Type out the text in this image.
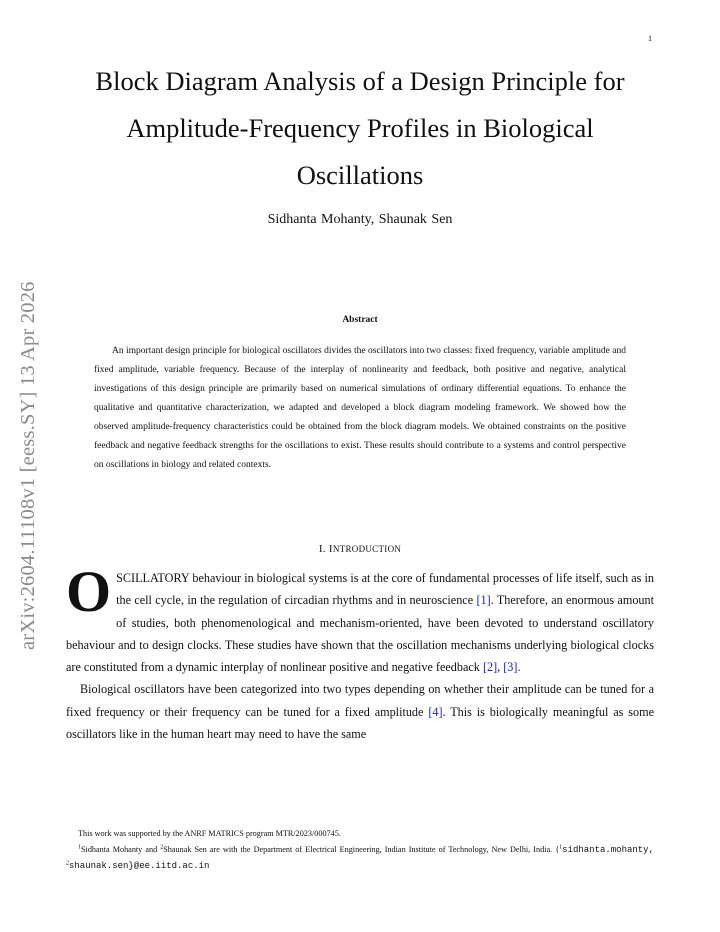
1
arXiv:2604.11108v1 [eess.SY] 13 Apr 2026
Block Diagram Analysis of a Design Principle for Amplitude-Frequency Profiles in Biological Oscillations
Sidhanta Mohanty, Shaunak Sen
Abstract

An important design principle for biological oscillators divides the oscillators into two classes: fixed frequency, variable amplitude and fixed amplitude, variable frequency. Because of the interplay of nonlinearity and feedback, both positive and negative, analytical investigations of this design principle are primarily based on numerical simulations of ordinary differential equations. To enhance the qualitative and quantitative characterization, we adapted and developed a block diagram modeling framework. We showed how the observed amplitude-frequency characteristics could be obtained from the block diagram models. We obtained constraints on the positive feedback and negative feedback strengths for the oscillations to exist. These results should contribute to a systems and control perspective on oscillations in biology and related contexts.

I. INTRODUCTION

OSCILLATORY behaviour in biological systems is at the core of fundamental processes of life itself, such as in the cell cycle, in the regulation of circadian rhythms and in neuroscience [1]. Therefore, an enormous amount of studies, both phenomenological and mechanism-oriented, have been devoted to understand oscillatory behaviour and to design clocks. These studies have shown that the oscillation mechanisms underlying biological clocks are constituted from a dynamic interplay of nonlinear positive and negative feedback [2], [3].

Biological oscillators have been categorized into two types depending on whether their amplitude can be tuned for a fixed frequency or their frequency can be tuned for a fixed amplitude [4]. This is biologically meaningful as some oscillators like in the human heart may need to have the same

This work was supported by the ANRF MATRICS program MTR/2023/000745.

$^1$Sidhanta Mohanty and $^2$Shaunak Sen are with the Department of Electrical Engineering, Indian Institute of Technology, New Delhi, India. {$^1$sidhanta.mohanty, $^2$shaunak.sen}@ee.iitd.ac.in
